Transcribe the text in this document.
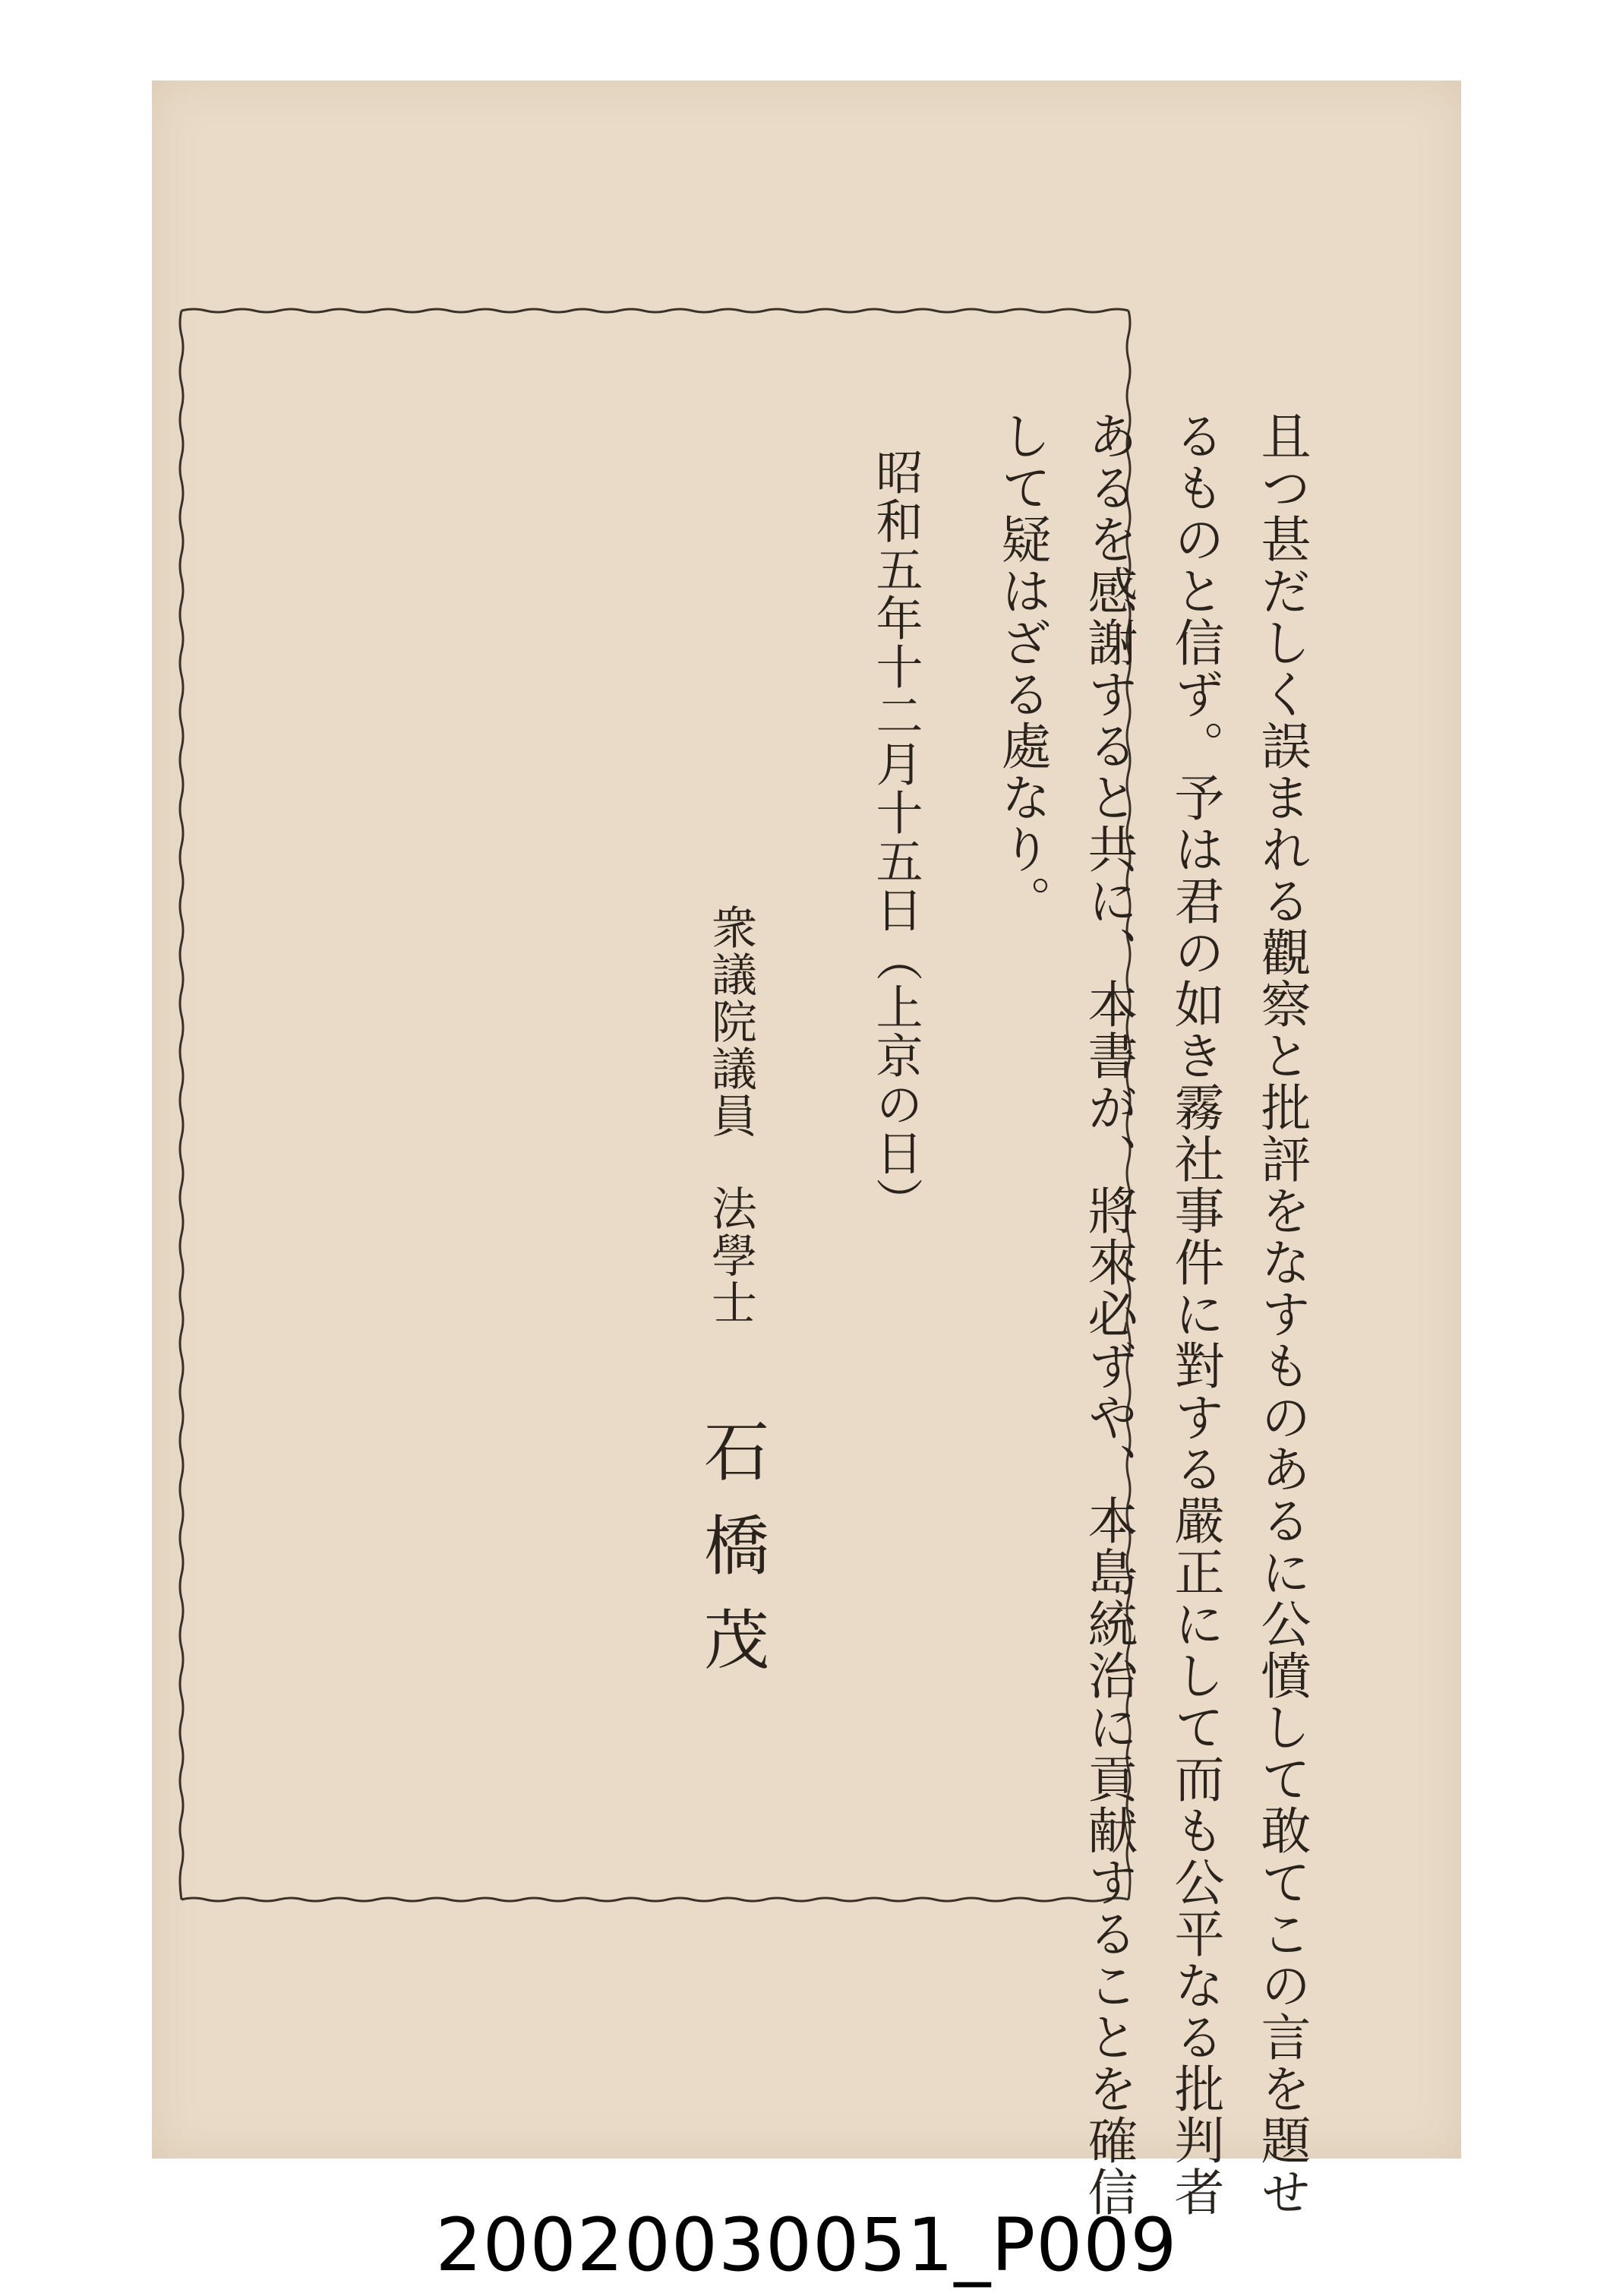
且つ甚だしく誤まれる觀察と批評をなすものあるに公憤して敢てこの言を題せ
るものと信ず。予は君の如き霧社事件に對する嚴正にして而も公平なる批判者
あるを感謝すると共に、本書が、將來必ずや、本島統治に貢献することを確信
して疑はざる處なり。
昭和五年十二月十五日（上京の日）
衆議院議員法學士石橋茂
20020030051_P009
